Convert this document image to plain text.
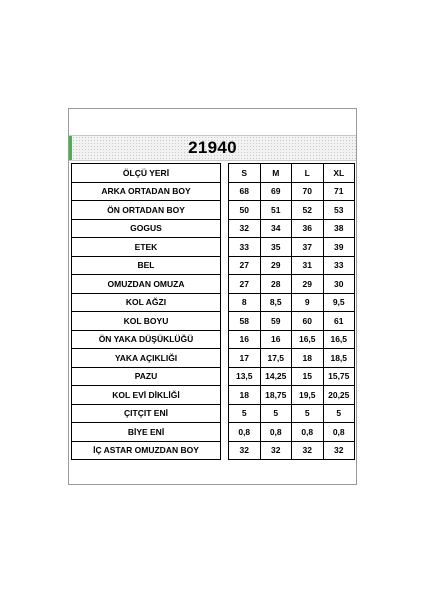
21940
ÖLÇÜ YERİ		S	M	L	XL
ARKA ORTADAN BOY		68	69	70	71
ÖN ORTADAN BOY		50	51	52	53
GOGUS		32	34	36	38
ETEK		33	35	37	39
BEL		27	29	31	33
OMUZDAN OMUZA		27	28	29	30
KOL AĞZI		8	8,5	9	9,5
KOL BOYU		58	59	60	61
ÖN YAKA DÜŞÜKLÜĞÜ		16	16	16,5	16,5
YAKA AÇIKLIĞI		17	17,5	18	18,5
PAZU		13,5	14,25	15	15,75
KOL EVİ DİKLİĞİ		18	18,75	19,5	20,25
ÇITÇIT ENİ		5	5	5	5
BİYE ENİ		0,8	0,8	0,8	0,8
İÇ ASTAR OMUZDAN BOY		32	32	32	32
